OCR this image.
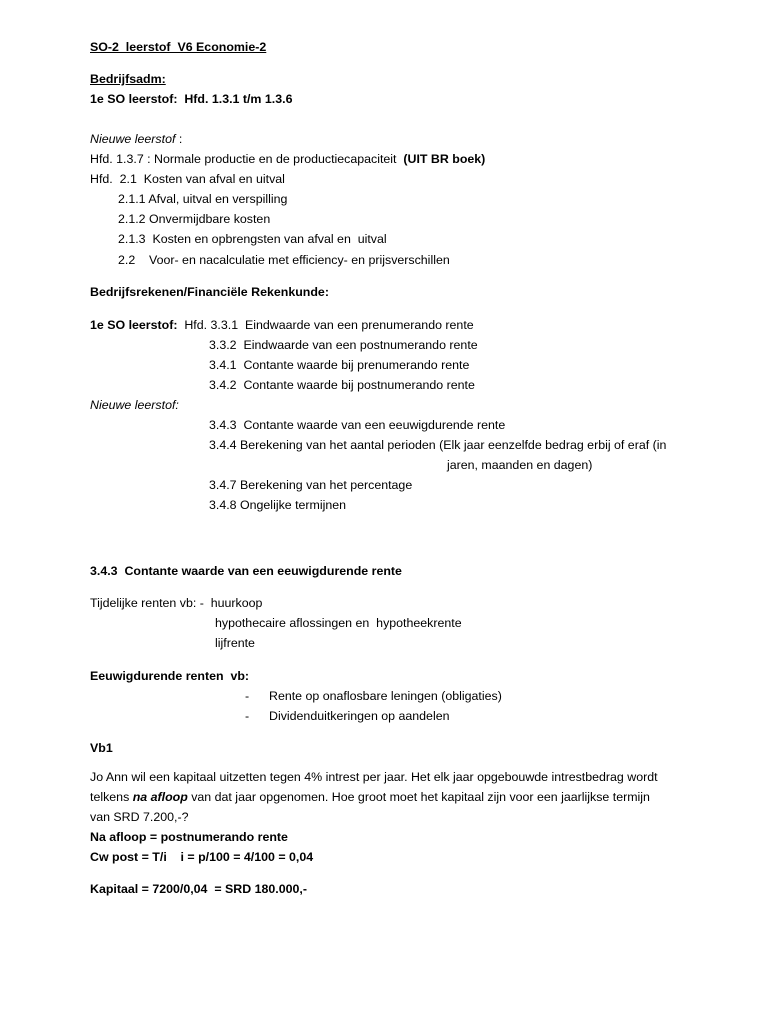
SO-2  leerstof  V6 Economie-2
Bedrijfsadm:
1e SO leerstof:  Hfd. 1.3.1 t/m 1.3.6
Nieuwe leerstof :
Hfd. 1.3.7 : Normale productie en de productiecapaciteit  (UIT BR boek)
Hfd.  2.1  Kosten van afval en uitval
2.1.1 Afval, uitval en verspilling
2.1.2 Onvermijdbare kosten
2.1.3  Kosten en opbrengsten van afval en  uitval
2.2    Voor- en nacalculatie met efficiency- en prijsverschillen
Bedrijfsrekenen/Financiële Rekenkunde:
1e SO leerstof:  Hfd. 3.3.1  Eindwaarde van een prenumerando rente
3.3.2  Eindwaarde van een postnumerando rente
3.4.1  Contante waarde bij prenumerando rente
3.4.2  Contante waarde bij postnumerando rente
Nieuwe leerstof:
3.4.3  Contante waarde van een eeuwigdurende rente
3.4.4 Berekening van het aantal perioden (Elk jaar eenzelfde bedrag erbij of eraf (in
jaren, maanden en dagen)
3.4.7 Berekening van het percentage
3.4.8 Ongelijke termijnen
3.4.3  Contante waarde van een eeuwigdurende rente
Tijdelijke renten vb: -  huurkoop
hypothecaire aflossingen en  hypotheekrente
lijfrente
Eeuwigdurende renten  vb:
- Rente op onaflosbare leningen (obligaties)
- Dividenduitkeringen op aandelen
Vb1
Jo Ann wil een kapitaal uitzetten tegen 4% intrest per jaar. Het elk jaar opgebouwde intrestbedrag wordt
telkens na afloop van dat jaar opgenomen. Hoe groot moet het kapitaal zijn voor een jaarlijkse termijn
van SRD 7.200,-?
Na afloop = postnumerando rente
Cw post = T/i    i = p/100 = 4/100 = 0,04
Kapitaal = 7200/0,04  = SRD 180.000,-
